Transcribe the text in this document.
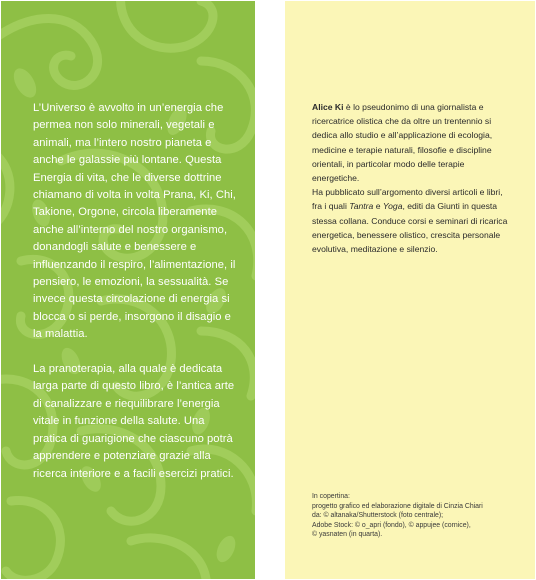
L’Universo è avvolto in un’energia che permea non solo minerali, vegetali e animali, ma l’intero nostro pianeta e anche le galassie più lontane. Questa Energia di vita, che le diverse dottrine chiamano di volta in volta Prana, Ki, Chi, Takione, Orgone, circola liberamente anche all’interno del nostro organismo, donandogli salute e benessere e influenzando il respiro, l’alimentazione, il pensiero, le emozioni, la sessualità. Se invece questa circolazione di energia si blocca o si perde, insorgono il disagio e la malattia.

La pranoterapia, alla quale è dedicata larga parte di questo libro, è l’antica arte di canalizzare e riequilibrare l’energia vitale in funzione della salute. Una pratica di guarigione che ciascuno potrà apprendere e potenziare grazie alla ricerca interiore e a facili esercizi pratici.

Alice Ki è lo pseudonimo di una giornalista e ricercatrice olistica che da oltre un trentennio si dedica allo studio e all’applicazione di ecologia, medicine e terapie naturali, filosofie e discipline orientali, in particolar modo delle terapie energetiche.

Ha pubblicato sull’argomento diversi articoli e libri, fra i quali Tantra e Yoga, editi da Giunti in questa stessa collana. Conduce corsi e seminari di ricarica energetica, benessere olistico, crescita personale evolutiva, meditazione e silenzio.

In copertina:
progetto grafico ed elaborazione digitale di Cinzia Chiari
da: © altanaka/Shutterstock (foto centrale);
Adobe Stock: © o_apri (fondo), © appujee (cornice),
© yasnaten (in quarta).
